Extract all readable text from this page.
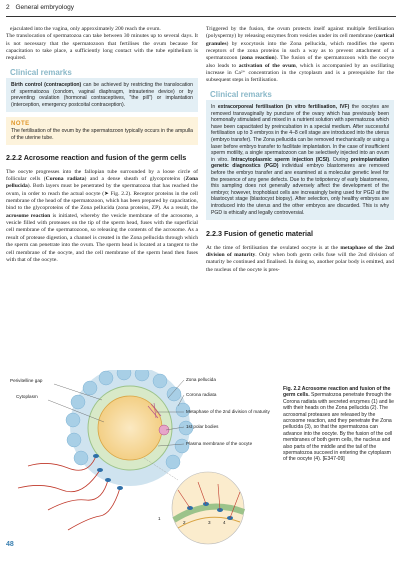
2 General embryology

ejaculated into the vagina, only approximately 200 reach the ovum.

The translocation of spermatozoa can take between 30 minutes up to several days. It is not necessary that the spermatozoon that fertilises the ovum because for capacitation to take place, a sufficiently long contact with the tube epithelium is required.

Clinical remarks
Birth control (contraception) can be achieved by restricting the translocation of spermatozoa (condom, vaginal diaphragm, intrauterine device) or by preventing ovulation (hormonal contraceptives, "the pill") or implantation (interception, emergency postcoital contraception).
NOTE
The fertilisation of the ovum by the spermatozoon typically occurs in the ampulla of the uterine tube.
2.2.2 Acrosome reaction and fusion of the germ cells

The oocyte progresses into the fallopian tube surrounded by a loose circle of follicular cells (Corona radiata) and a dense sheath of glycoproteins (Zona pellucida). Both layers must be penetrated by the spermatozoa that has reached the ovum, in order to reach the actual oocyte (➤ Fig. 2.2). Receptor proteins in the cell membrane of the head of the spermatozoon, which has been prepared by capacitation, bind to the glycoproteins of the Zona pellucida (zona proteins, ZP). As a result, the acrosome reaction is initiated, whereby the vesicle membrane of the acrosome, a vesicle filled with proteases on the tip of the sperm head, fuses with the superficial cell membrane of the spermatozoon, so releasing the contents of the acrosome. As a result of protease digestion, a channel is created in the Zona pellucida through which the sperm can penetrate into the ovum. The sperm head is located at a tangent to the cell membrane of the oocyte, and the cell membrane of the sperm head then fuses with that of the oocyte.

Triggered by the fusion, the ovum protects itself against multiple fertilisation (polyspermy) by releasing enzymes from vesicles under its cell membrane (cortical granules) by exocytosis into the Zona pellucida, which modifies the sperm receptors of the zona proteins in such a way as to prevent attachment of a spermatozoon (zona reaction). The fusion of the spermatozoon with the oocyte also leads to activation of the ovum, which is accompanied by an oscillating increase in Ca²⁺ concentration in the cytoplasm and is a prerequisite for the subsequent steps in fertilisation.

Clinical remarks
In extracorporeal fertilisation (in vitro fertilisation, IVF) the oocytes are removed transvaginally by puncture of the ovary which has previously been hormonally stimulated and mixed in a nutrient solution with spermatozoa which have been capacitated by preincubation in a special medium. After successful fertilisation up to 3 embryos in the 4–8 cell stage are introduced into the uterus (embryo transfer). The Zona pellucida can be removed mechanically or using a laser before embryo transfer to facilitate implantation. In the case of insufficient sperm motility, a single spermatozoon can be selectively injected into an ovum in vitro. Intracytoplasmic sperm injection (ICSI). During preimplantation genetic diagnostics (PGD) individual embryo blastomeres are removed before the embryo transfer and are examined at a molecular genetic level for the presence of any gene defects. Due to the totipotency of early blastomeres, this sampling does not generally adversely affect the development of the embryo; however, trophoblast cells are increasingly being used for PGD at the blastocyst stage (blastocyst biopsy). After selection, only healthy embryos are introduced into the uterus and the other embryos are discarded. This is why PGD is ethically and legally controversial.
2.2.3 Fusion of genetic material

At the time of fertilisation the ovulated oocyte is at the metaphase of the 2nd division of maturity. Only when both germ cells fuse will the 2nd division of maturity be continued and finalised. In doing so, another polar body is emitted, and the nucleus of the oocyte is pres-

1
2	3	4
Perivitelline gap
Cytoplasm
Zona pellucida
Corona radiata
Metaphase of the 2nd division of maturity
1st polar bodies
Plasma membrane of the oocyte
Fig. 2.2 Acrosome reaction and fusion of the germ cells. Spermatozoa penetrate through the Corona radiata with secreted enzymes (1) and lie with their heads on the Zona pellucida (2). The acrosomal proteases are released by the acrosome reaction, and they penetrate the Zona pellucida (3), so that the spermatozoa can advance into the oocyte. By the fusion of the cell membranes of both germ cells, the nucleus and also parts of the middle and the tail of the spermatozoa succeed in entering the cytoplasm of the oocyte (4). [E347-09]
48
